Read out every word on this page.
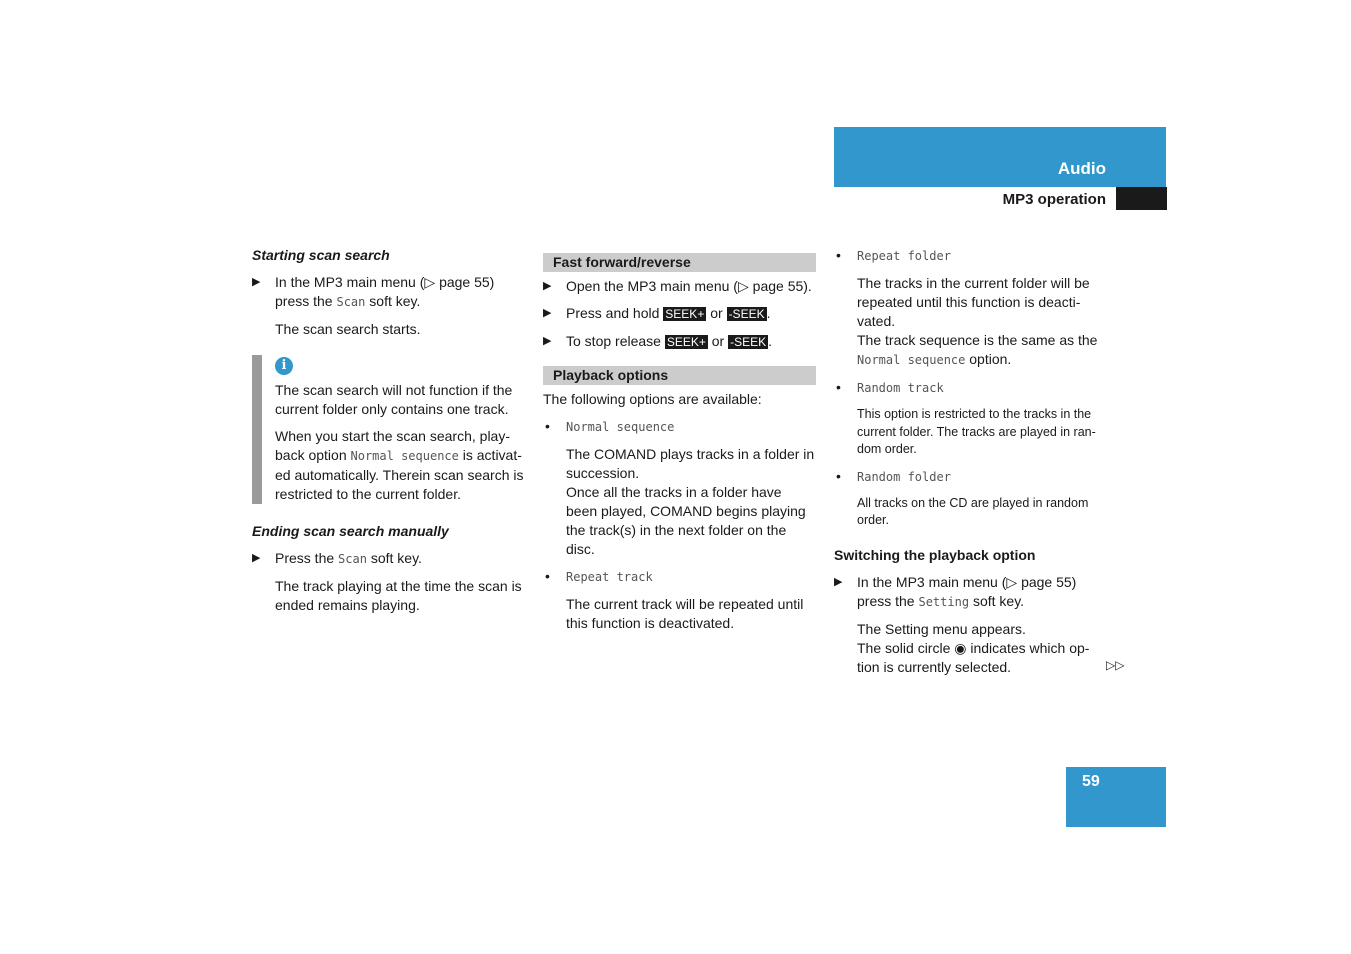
Audio
MP3 operation
Starting scan search
▶ In the MP3 main menu (▷ page 55)
press the Scan soft key.
The scan search starts.
i

The scan search will not function if the current folder only contains one track.

When you start the scan search, play-back option Normal sequence is activat-ed automatically. Therein scan search is restricted to the current folder.

Ending scan search manually
▶ Press the Scan soft key.
The track playing at the time the scan is ended remains playing.
Fast forward/reverse
▶ Open the MP3 main menu (▷ page 55).
▶ Press and hold SEEK+ or -SEEK .
▶ To stop release SEEK+ or -SEEK .
Playback options
The following options are available:
• Normal sequence
The COMAND plays tracks in a folder in succession.
Once all the tracks in a folder have been played, COMAND begins playing the track(s) in the next folder on the disc.
• Repeat track
The current track will be repeated until this function is deactivated.
• Repeat folder
The tracks in the current folder will be repeated until this function is deacti-vated.
The track sequence is the same as the Normal sequence option.
• Random track
This option is restricted to the tracks in the current folder. The tracks are played in ran-dom order.
• Random folder
All tracks on the CD are played in random order.
Switching the playback option
▶ In the MP3 main menu (▷ page 55)
press the Setting soft key.
The Setting menu appears.
The solid circle ◉ indicates which op-tion is currently selected.	▷▷
59
